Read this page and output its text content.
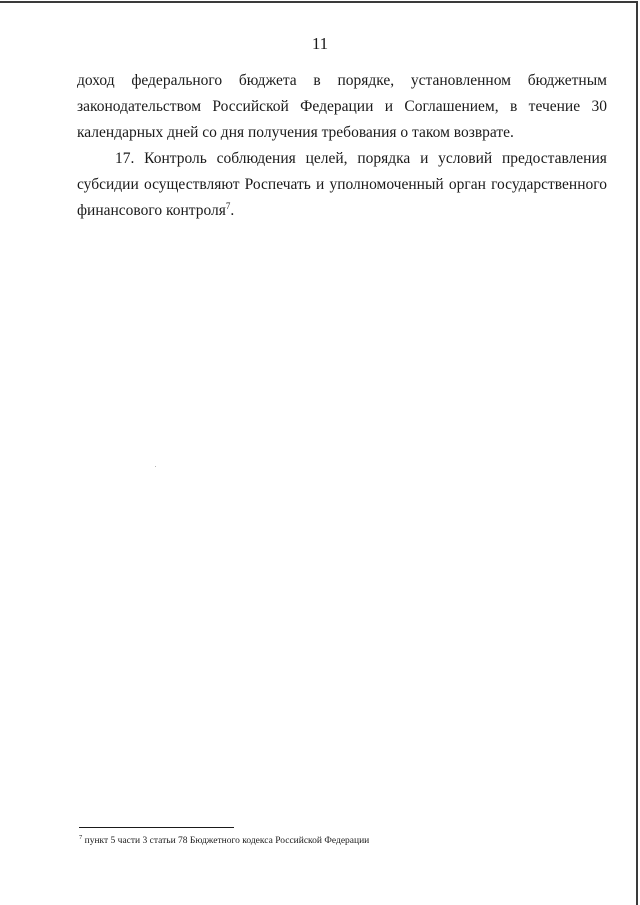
11
доход федерального бюджета в порядке, установленном бюджетным
законодательством Российской Федерации и Соглашением, в течение 30
календарных дней со дня получения требования о таком возврате.
17. Контроль соблюдения целей, порядка и условий предоставления
субсидии осуществляют Роспечать и уполномоченный орган государственного
финансового контроля$^7$.
$^7$ пункт 5 части 3 статьи 78 Бюджетного кодекса Российской Федерации
